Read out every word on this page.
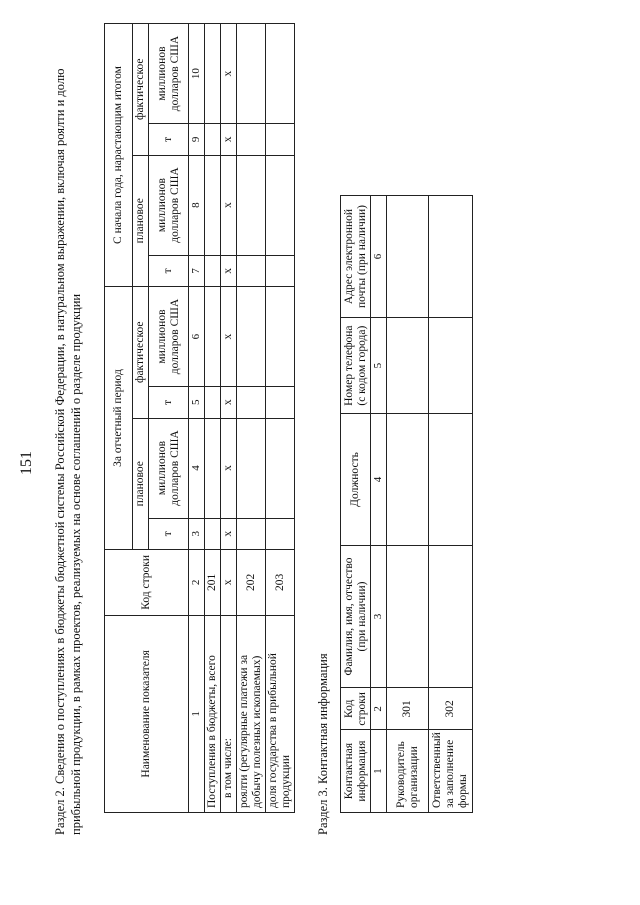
151 Раздел 2. Сведения о поступлениях в бюджеты бюджетной системы Российской Федерации, в натуральном выражении, включая роялти и долю прибыльной продукции, в рамках проектов, реализуемых на основе соглашений о разделе продукции	Наименование показателя	Код строки	За отчетный период				С начала года, нарастающим итогом			
		плановое		фактическое		плановое		фактическое	
		т	миллионов долларов США	т	миллионов долларов США	т	миллионов долларов США	т	миллионов долларов США
1	2	3	4	5	6	7	8	9	10
Поступления в бюджеты, всего	201								
в том числе:	х	х	х	х	х	х	х	х	х
роялти (регулярные платежи за добычу полезных ископаемых)	202								
доля государства в прибыльной продукции	203								
Раздел 3. Контактная информация Контактная информация	Код строки	Фамилия, имя, отчество (при наличии)	Должность	Номер телефона (с кодом города)	Адрес электронной почты (при наличии)
1	2	3	4	5	6
Руководитель организации	301				
Ответственный за заполнение формы	302				
